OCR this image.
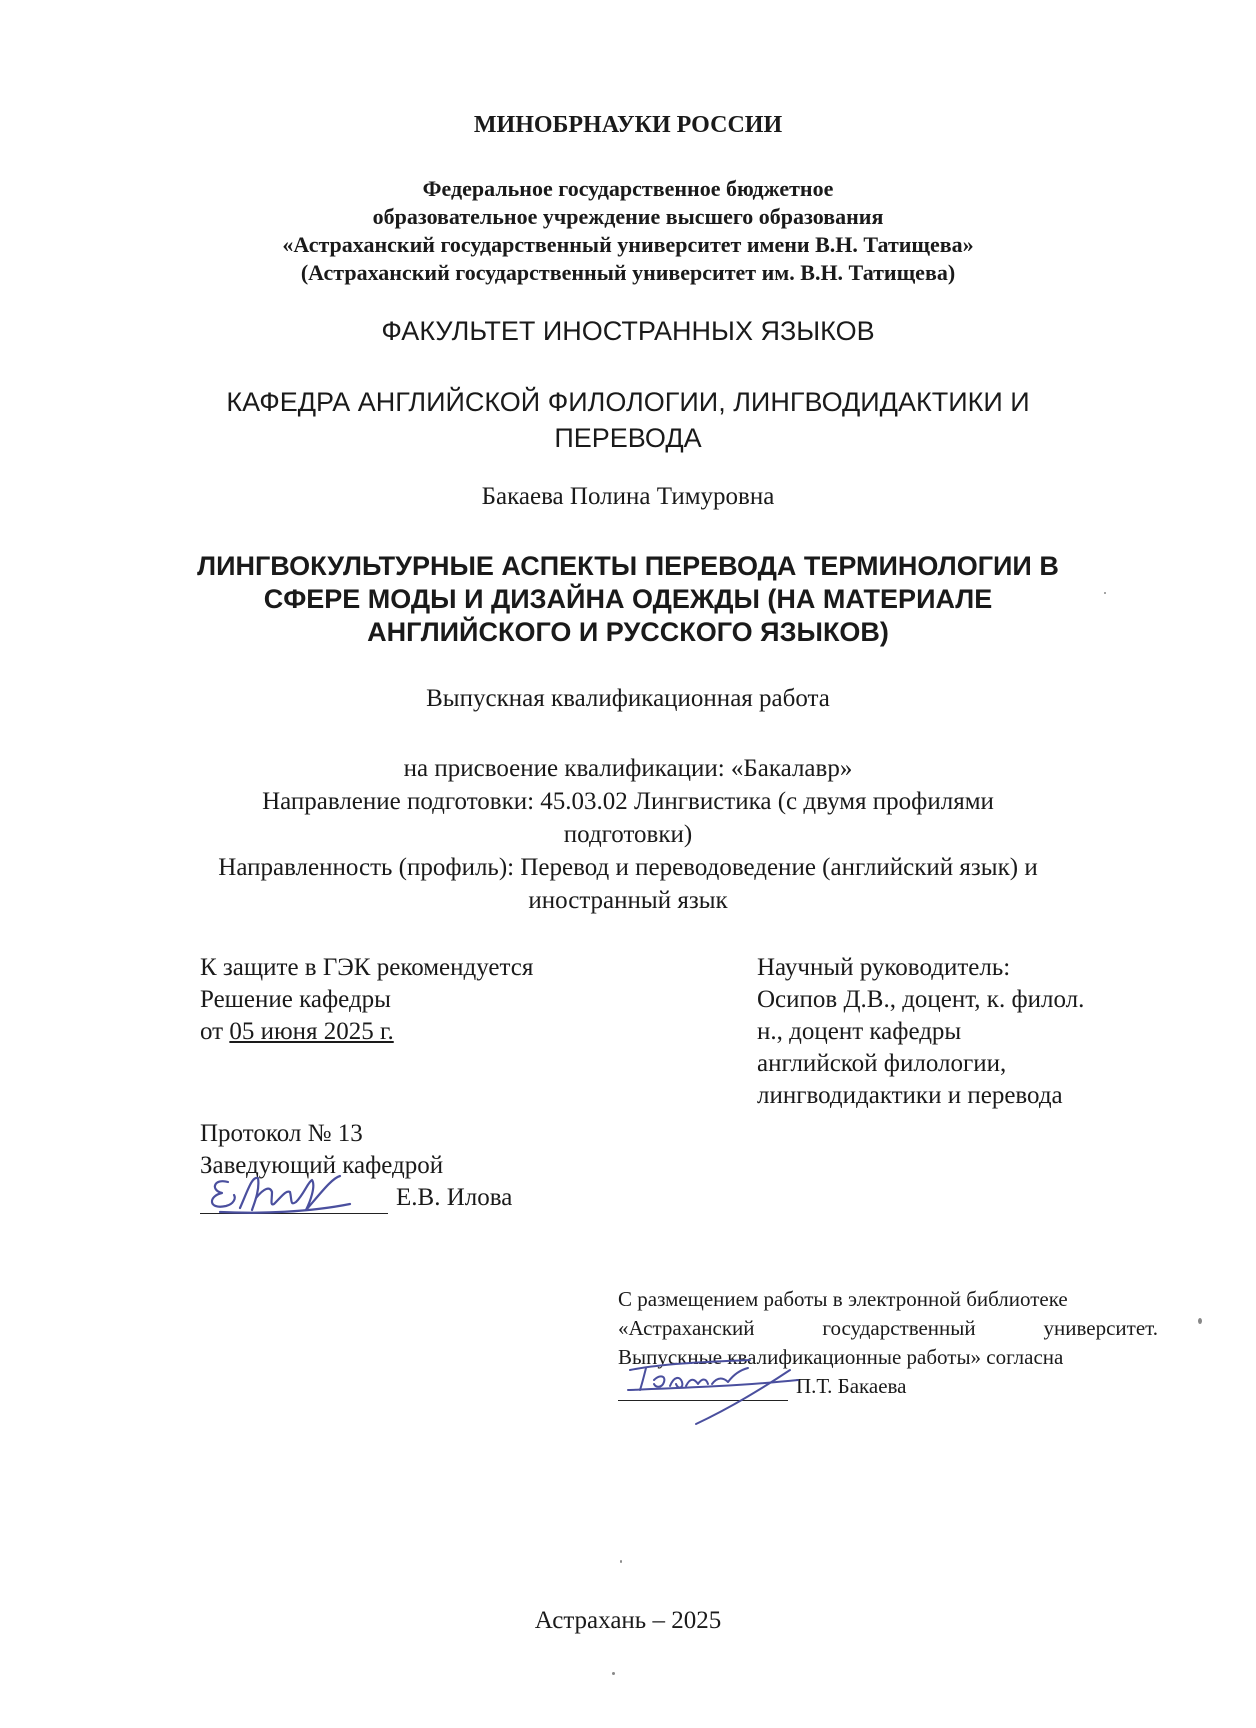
МИНОБРНАУКИ РОССИИ

Федеральное государственное бюджетное
образовательное учреждение высшего образования
«Астраханский государственный университет имени В.Н. Татищева»
(Астраханский государственный университет им. В.Н. Татищева)

ФАКУЛЬТЕТ ИНОСТРАННЫХ ЯЗЫКОВ

КАФЕДРА АНГЛИЙСКОЙ ФИЛОЛОГИИ, ЛИНГВОДИДАКТИКИ И
ПЕРЕВОДА

Бакаева Полина Тимуровна

ЛИНГВОКУЛЬТУРНЫЕ АСПЕКТЫ ПЕРЕВОДА ТЕРМИНОЛОГИИ В
СФЕРЕ МОДЫ И ДИЗАЙНА ОДЕЖДЫ (НА МАТЕРИАЛЕ
АНГЛИЙСКОГО И РУССКОГО ЯЗЫКОВ)

Выпускная квалификационная работа

на присвоение квалификации: «Бакалавр»
Направление подготовки: 45.03.02 Лингвистика (с двумя профилями
подготовки)
Направленность (профиль): Перевод и переводоведение (английский язык) и
иностранный язык
К защите в ГЭК рекомендуется
Решение кафедры
от 05 июня 2025 г.
Научный руководитель:
Осипов Д.В., доцент, к. филол.
н., доцент кафедры
английской филологии,
лингводидактики и перевода
Протокол № 13
Заведующий кафедрой
Е.В. Илова
С размещением работы в электронной библиотеке
«Астраханский государственный университет.
Выпускные квалификационные работы» согласна
П.Т. Бакаева

Астрахань – 2025
